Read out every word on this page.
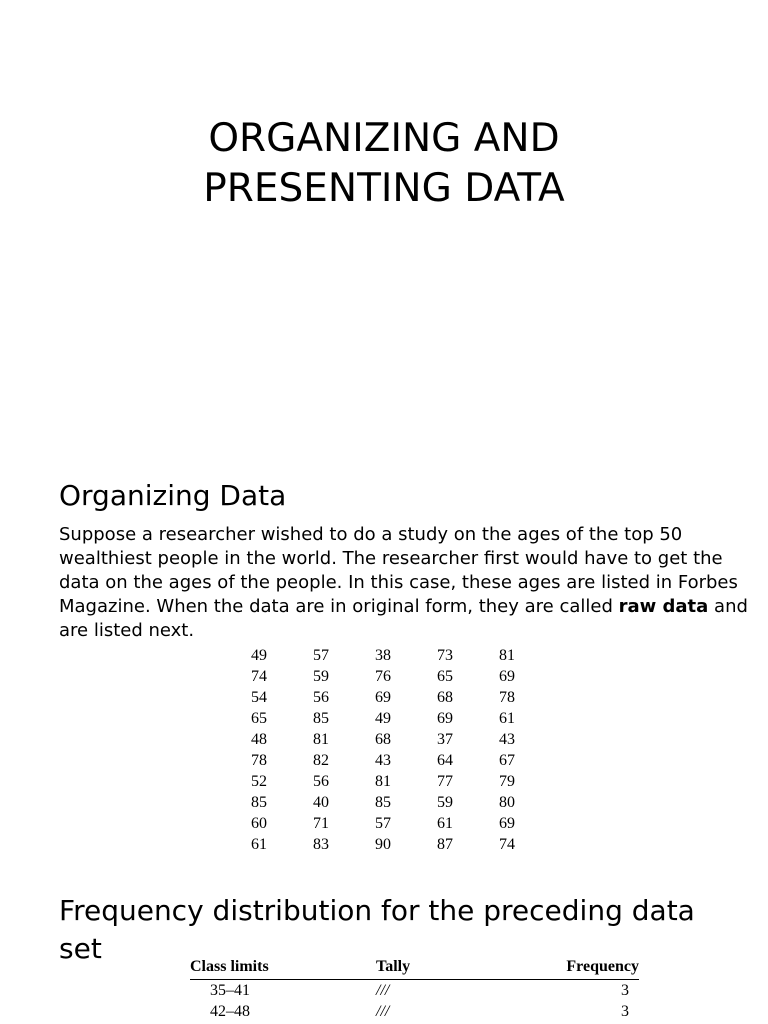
ORGANIZING AND
PRESENTING DATA
Organizing Data
Suppose a researcher wished to do a study on the ages of the top 50 wealthiest people in the world. The researcher first would have to get the data on the ages of the people. In this case, these ages are listed in Forbes Magazine. When the data are in original form, they are called raw data and are listed next.
49	57	38	73	81
74	59	76	65	69
54	56	69	68	78
65	85	49	69	61
48	81	68	37	43
78	82	43	64	67
52	56	81	77	79
85	40	85	59	80
60	71	57	61	69
61	83	90	87	74
Frequency distribution for the preceding data set
Class limits	Tally	Frequency
35–41	///	3
42–48	///	3
